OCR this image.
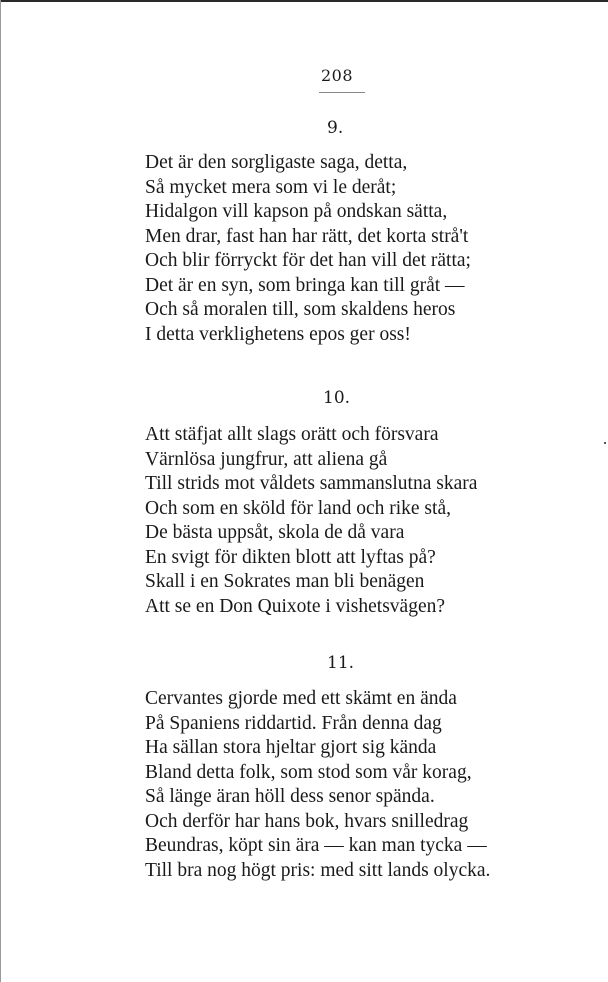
208
9.
Det är den sorgligaste saga, detta,
Så mycket mera som vi le deråt;
Hidalgon vill kapson på ondskan sätta,
Men drar, fast han har rätt, det korta strå't
Och blir förryckt för det han vill det rätta;
Det är en syn, som bringa kan till gråt —
Och så moralen till, som skaldens heros
I detta verklighetens epos ger oss!
10.
Att stäfjat allt slags orätt och försvara
Värnlösa jungfrur, att aliena gå
Till strids mot våldets sammanslutna skara
Och som en sköld för land och rike stå,
De bästa uppsåt, skola de då vara
En svigt för dikten blott att lyftas på?
Skall i en Sokrates man bli benägen
Att se en Don Quixote i vishetsvägen?
11.
Cervantes gjorde med ett skämt en ända
På Spaniens riddartid. Från denna dag
Ha sällan stora hjeltar gjort sig kända
Bland detta folk, som stod som vår korag,
Så länge äran höll dess senor spända.
Och derför har hans bok, hvars snilledrag
Beundras, köpt sin ära — kan man tycka —
Till bra nog högt pris: med sitt lands olycka.
